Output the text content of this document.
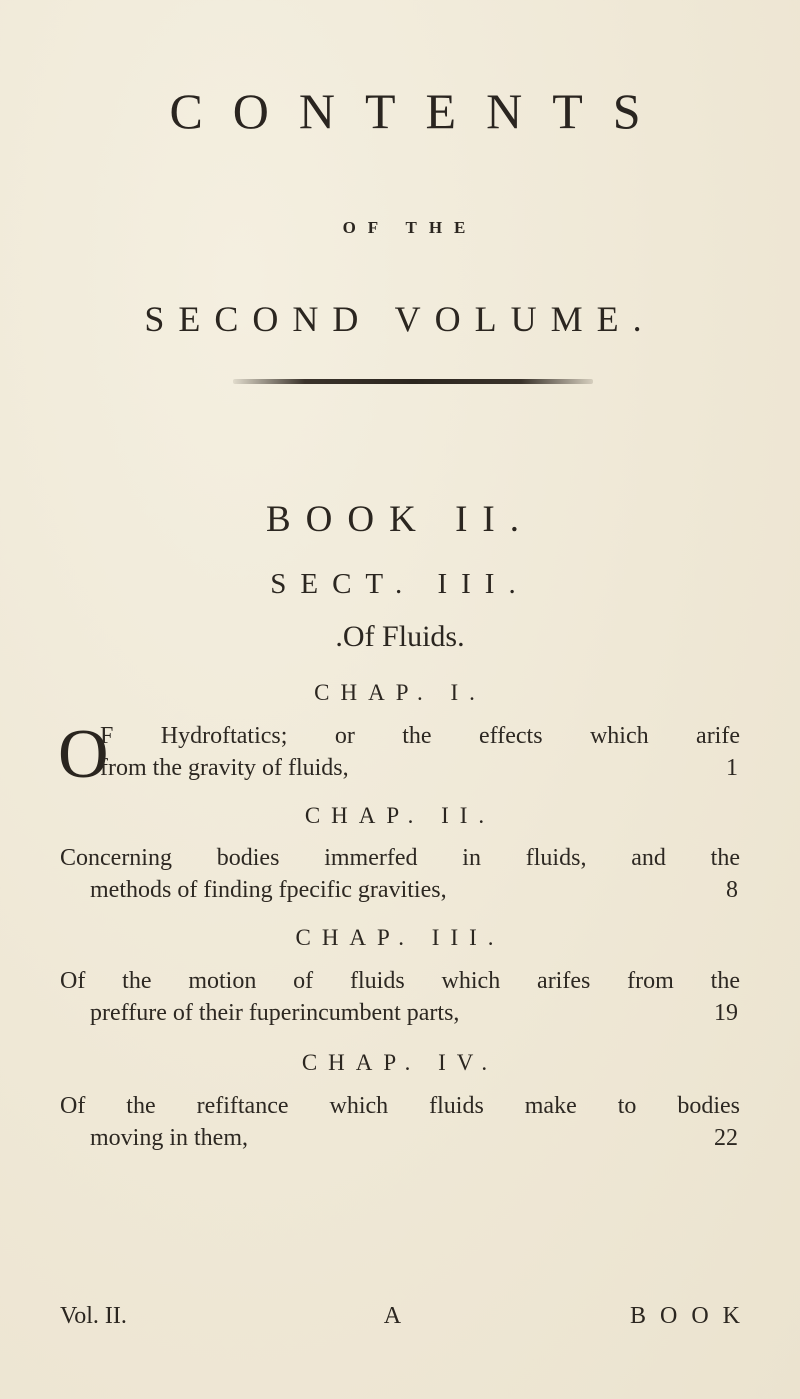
CONTENTS
OF THE
SECOND VOLUME.
BOOK II.
SECT. III.
.Of Fluids.
CHAP. I.
O
F Hydroftatics; or the effects which arife
from the gravity of fluids,	1
CHAP. II.
Concerning bodies immerfed in fluids, and the
methods of finding fpecific gravities,	8
CHAP. III.
Of the motion of fluids which arifes from the
preffure of their fuperincumbent parts,	19
CHAP. IV.
Of the refiftance which fluids make to bodies
moving in them,	22
Vol. II.	A	BOOK
